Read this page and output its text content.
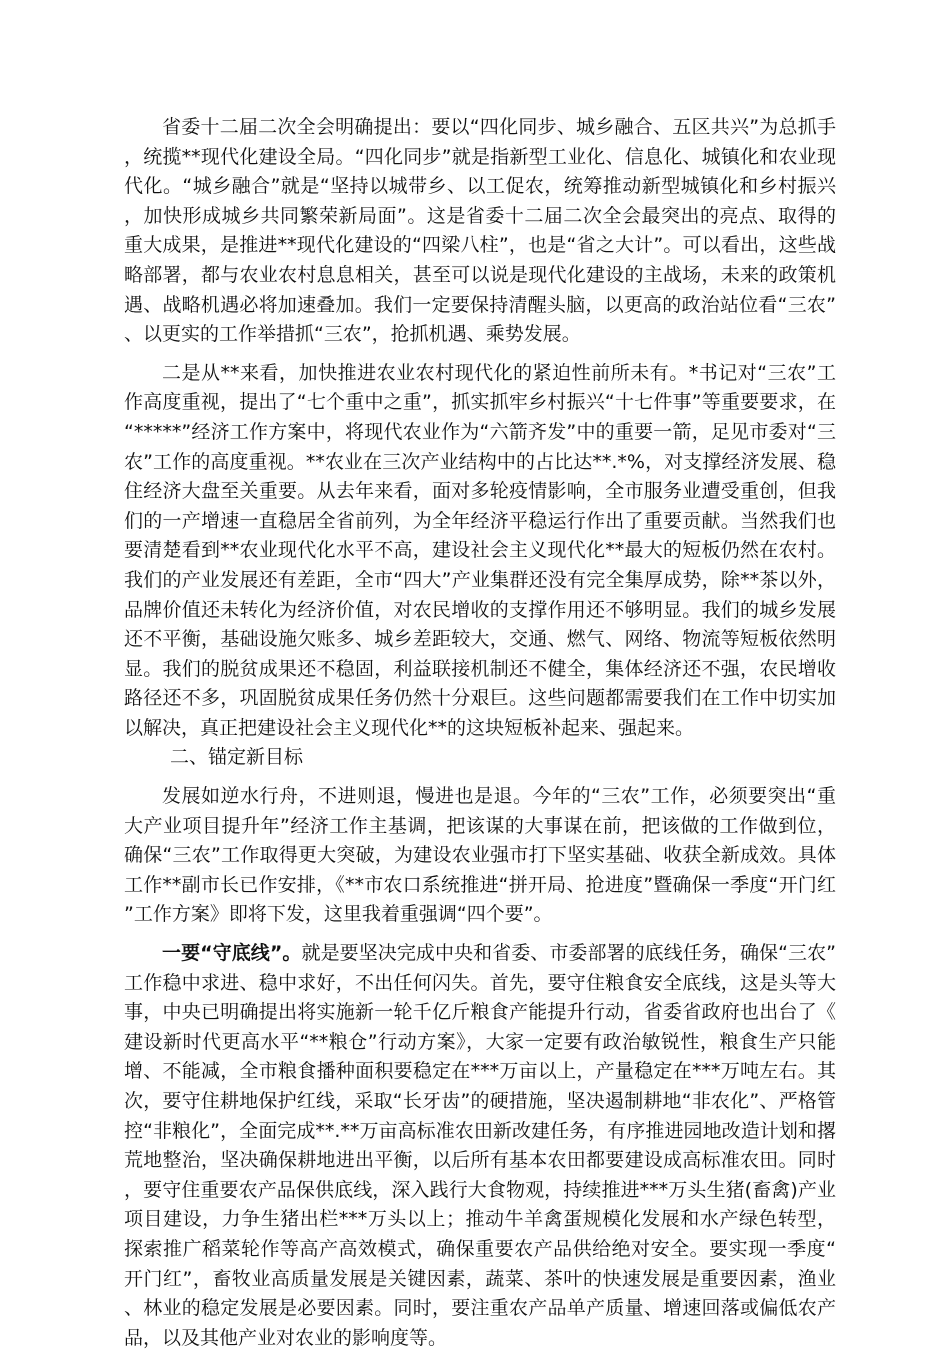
省委十二届二次全会明确提出：要以“四化同步、城乡融合、五区共兴”为总抓手，统揽**现代化建设全局。“四化同步”就是指新型工业化、信息化、城镇化和农业现代化。“城乡融合”就是“坚持以城带乡、以工促农，统筹推动新型城镇化和乡村振兴，加快形成城乡共同繁荣新局面”。这是省委十二届二次全会最突出的亮点、取得的重大成果，是推进**现代化建设的“四梁八柱”，也是“省之大计”。可以看出，这些战略部署，都与农业农村息息相关，甚至可以说是现代化建设的主战场，未来的政策机遇、战略机遇必将加速叠加。我们一定要保持清醒头脑，以更高的政治站位看“三农”、以更实的工作举措抓“三农”，抢抓机遇、乘势发展。

二是从**来看，加快推进农业农村现代化的紧迫性前所未有。*书记对“三农”工作高度重视，提出了“七个重中之重”，抓实抓牢乡村振兴“十七件事”等重要要求，在“*****”经济工作方案中，将现代农业作为“六箭齐发”中的重要一箭，足见市委对“三农”工作的高度重视。**农业在三次产业结构中的占比达**.*%，对支撑经济发展、稳住经济大盘至关重要。从去年来看，面对多轮疫情影响，全市服务业遭受重创，但我们的一产增速一直稳居全省前列，为全年经济平稳运行作出了重要贡献。当然我们也要清楚看到**农业现代化水平不高，建设社会主义现代化**最大的短板仍然在农村。我们的产业发展还有差距，全市“四大”产业集群还没有完全集厚成势，除**茶以外，品牌价值还未转化为经济价值，对农民增收的支撑作用还不够明显。我们的城乡发展还不平衡，基础设施欠账多、城乡差距较大，交通、燃气、网络、物流等短板依然明显。我们的脱贫成果还不稳固，利益联接机制还不健全，集体经济还不强，农民增收路径还不多，巩固脱贫成果任务仍然十分艰巨。这些问题都需要我们在工作中切实加以解决，真正把建设社会主义现代化**的这块短板补起来、强起来。

二、锚定新目标

发展如逆水行舟，不进则退，慢进也是退。今年的“三农”工作，必须要突出“重大产业项目提升年”经济工作主基调，把该谋的大事谋在前，把该做的工作做到位，确保“三农”工作取得更大突破，为建设农业强市打下坚实基础、收获全新成效。具体工作**副市长已作安排，《**市农口系统推进“拼开局、抢进度”暨确保一季度“开门红”工作方案》即将下发，这里我着重强调“四个要”。

一要“守底线”。就是要坚决完成中央和省委、市委部署的底线任务，确保“三农”工作稳中求进、稳中求好，不出任何闪失。首先，要守住粮食安全底线，这是头等大事，中央已明确提出将实施新一轮千亿斤粮食产能提升行动，省委省政府也出台了《建设新时代更高水平“**粮仓”行动方案》，大家一定要有政治敏锐性，粮食生产只能增、不能减，全市粮食播种面积要稳定在***万亩以上，产量稳定在***万吨左右。其次，要守住耕地保护红线，采取“长牙齿”的硬措施，坚决遏制耕地“非农化”、严格管控“非粮化”，全面完成**.**万亩高标准农田新改建任务，有序推进园地改造计划和撂荒地整治，坚决确保耕地进出平衡，以后所有基本农田都要建设成高标准农田。同时，要守住重要农产品保供底线，深入践行大食物观，持续推进***万头生猪(畜禽)产业项目建设，力争生猪出栏***万头以上；推动牛羊禽蛋规模化发展和水产绿色转型，探索推广稻菜轮作等高产高效模式，确保重要农产品供给绝对安全。要实现一季度“开门红”，畜牧业高质量发展是关键因素，蔬菜、茶叶的快速发展是重要因素，渔业、林业的稳定发展是必要因素。同时，要注重农产品单产质量、增速回落或偏低农产品，以及其他产业对农业的影响度等。
